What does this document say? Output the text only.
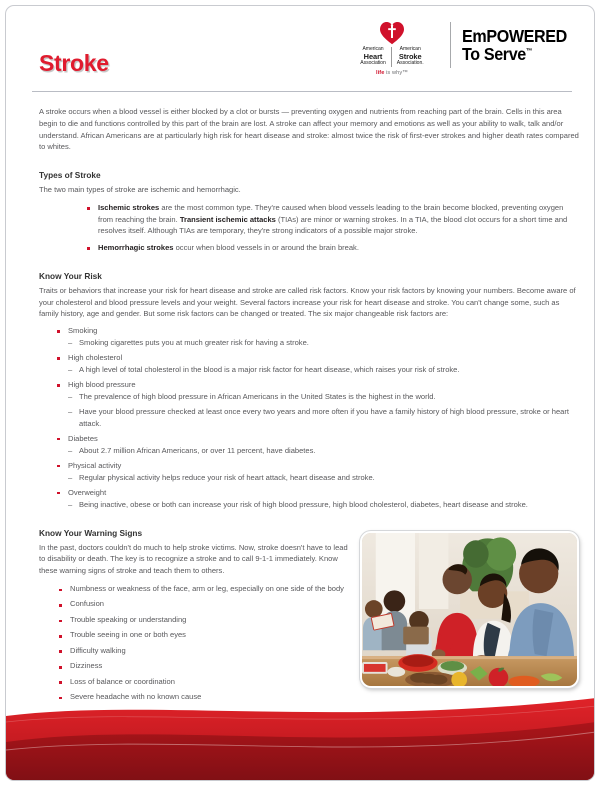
American
Heart
Association
American
Stroke
Association.
life is why™
EmPOWERED
To Serve™
Stroke

A stroke occurs when a blood vessel is either blocked by a clot or bursts — preventing oxygen and nutrients from reaching part of the brain. Cells in this area begin to die and functions controlled by this part of the brain are lost. A stroke can affect your memory and emotions as well as your ability to walk, talk and/or understand. African Americans are at particularly high risk for heart disease and stroke: almost twice the risk of first-ever strokes and higher death rates compared to whites.

Types of Stroke

The two main types of stroke are ischemic and hemorrhagic.

Ischemic strokes are the most common type. They're caused when blood vessels leading to the brain become blocked, preventing oxygen from reaching the brain. Transient ischemic attacks (TIAs) are minor or warning strokes. In a TIA, the blood clot occurs for a short time and resolves itself. Although TIAs are temporary, they're strong indicators of a possible major stroke.
Hemorrhagic strokes occur when blood vessels in or around the brain break.
Know Your Risk

Traits or behaviors that increase your risk for heart disease and stroke are called risk factors. Know your risk factors by knowing your numbers. Become aware of your cholesterol and blood pressure levels and your weight. Several factors increase your risk for heart disease and stroke. You can't change some, such as family history, age and gender. But some risk factors can be changed or treated. The six major changeable risk factors are:

Smoking
– Smoking cigarettes puts you at much greater risk for having a stroke.
High cholesterol
– A high level of total cholesterol in the blood is a major risk factor for heart disease, which raises your risk of stroke.
High blood pressure
– The prevalence of high blood pressure in African Americans in the United States is the highest in the world.
– Have your blood pressure checked at least once every two years and more often if you have a family history of high blood pressure, stroke or heart attack.
Diabetes
– About 2.7 million African Americans, or over 11 percent, have diabetes.
Physical activity
– Regular physical activity helps reduce your risk of heart attack, heart disease and stroke.
Overweight
– Being inactive, obese or both can increase your risk of high blood pressure, high blood cholesterol, diabetes, heart disease and stroke.
Know Your Warning Signs

In the past, doctors couldn't do much to help stroke victims. Now, stroke doesn't have to lead to disability or death. The key is to recognize a stroke and to call 9-1-1 immediately. Know these warning signs of stroke and teach them to others.

Numbness or weakness of the face, arm or leg, especially on one side of the body
Confusion
Trouble speaking or understanding
Trouble seeing in one or both eyes
Difficulty walking
Dizziness
Loss of balance or coordination
Severe headache with no known cause
